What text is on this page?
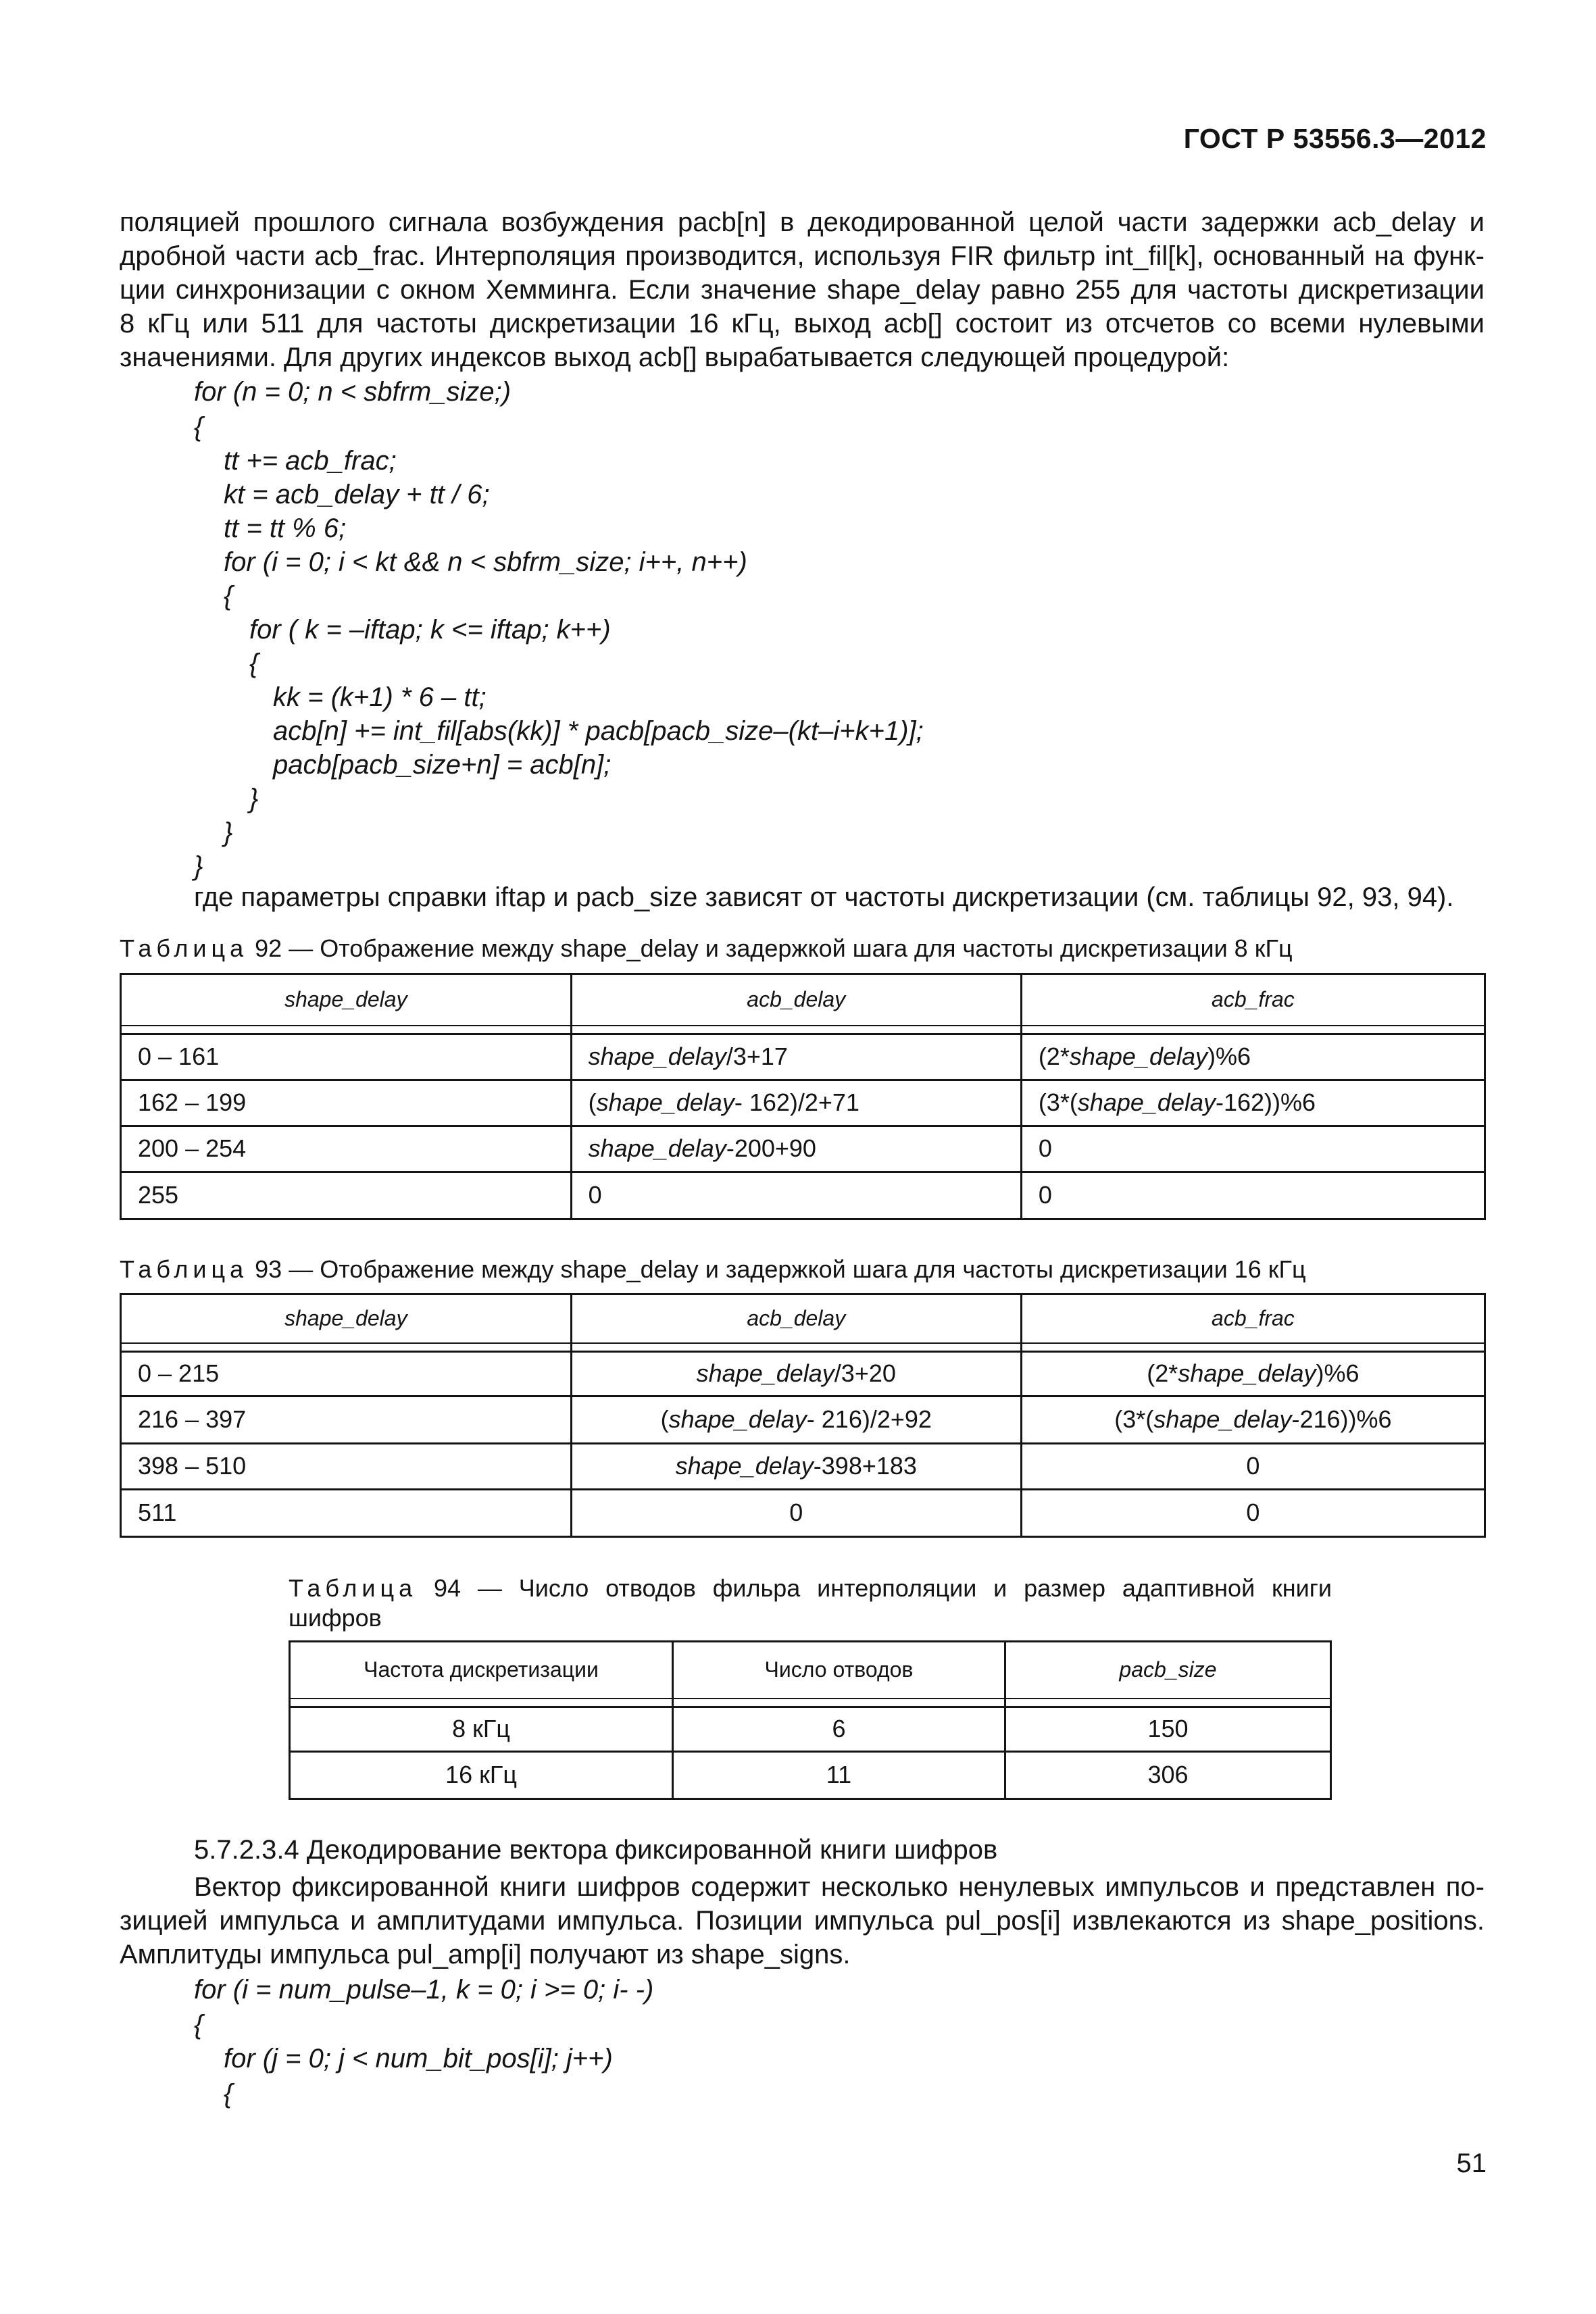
ГОСТ Р 53556.3—2012
поляцией прошлого сигнала возбуждения pacb[n] в декодированной целой части задержки acb_delay и
дробной части acb_frac. Интерполяция производится, используя FIR фильтр int_fil[k], основанный на функ-
ции синхронизации с окном Хемминга. Если значение shape_delay равно 255 для частоты дискретизации
8 кГц или 511 для частоты дискретизации 16 кГц, выход acb[] состоит из отсчетов со всеми нулевыми
значениями. Для других индексов выход acb[] вырабатывается следующей процедурой:
for (n = 0; n < sbfrm_size;)
{
tt += acb_frac;
kt = acb_delay + tt / 6;
tt = tt % 6;
for (i = 0; i < kt && n < sbfrm_size; i++, n++)
{
for ( k = –iftap; k <= iftap; k++)
{
kk = (k+1) * 6 – tt;
acb[n] += int_fil[abs(kk)] * pacb[pacb_size–(kt–i+k+1)];
pacb[pacb_size+n] = acb[n];
}
}
}
где параметры справки iftap и pacb_size зависят от частоты дискретизации (см. таблицы 92, 93, 94).
Таблица 92 — Отображение между shape_delay и задержкой шага для частоты дискретизации 8 кГц
shape_delay	acb_delay	acb_frac

0 – 161	shape_delay/3+17	(2*shape_delay)%6
162 – 199	(shape_delay- 162)/2+71	(3*(shape_delay-162))%6
200 – 254	shape_delay-200+90	0
255	0	0
Таблица 93 — Отображение между shape_delay и задержкой шага для частоты дискретизации 16 кГц
shape_delay	acb_delay	acb_frac

0 – 215	shape_delay/3+20	(2*shape_delay)%6
216 – 397	(shape_delay- 216)/2+92	(3*(shape_delay-216))%6
398 – 510	shape_delay-398+183	0
511	0	0
Таблица 94 — Число отводов фильра интерполяции и размер адаптивной книги
шифров
Частота дискретизации	Число отводов	pacb_size

8 кГц	6	150
16 кГц	11	306
5.7.2.3.4 Декодирование вектора фиксированной книги шифров
Вектор фиксированной книги шифров содержит несколько ненулевых импульсов и представлен по-
зицией импульса и амплитудами импульса. Позиции импульса pul_pos[i] извлекаются из shape_positions.
Амплитуды импульса pul_amp[i] получают из shape_signs.
for (i = num_pulse–1, k = 0; i >= 0; i- -)
{
for (j = 0; j < num_bit_pos[i]; j++)
{
51
